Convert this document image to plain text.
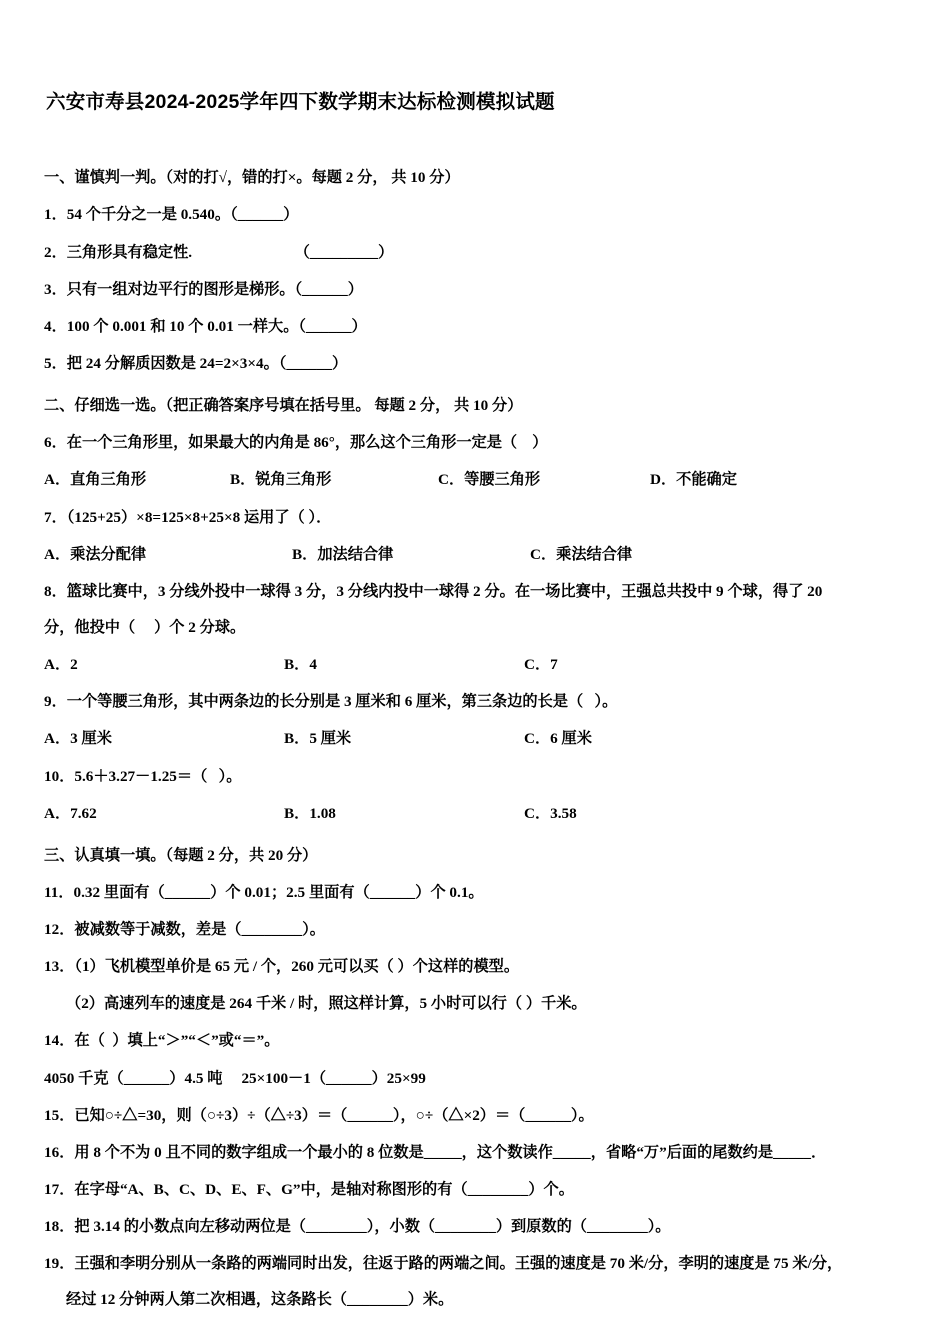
六安市寿县2024-2025学年四下数学期末达标检测模拟试题

一、谨慎判一判。（对的打√，错的打×。每题 2 分， 共 10 分）

1．54 个千分之一是 0.540。（______）

2．三角形具有稳定性.                           （_________）

3．只有一组对边平行的图形是梯形。（______）

4．100 个 0.001 和 10 个 0.01 一样大。（______）

5．把 24 分解质因数是 24=2×3×4。（______）

二、仔细选一选。（把正确答案序号填在括号里。 每题 2 分， 共 10 分）

6．在一个三角形里，如果最大的内角是 86°，那么这个三角形一定是（    ）

A．直角三角形	B．锐角三角形	C．等腰三角形	D．不能确定

7．（125+25）×8=125×8+25×8 运用了（ ）．

A．乘法分配律	B．加法结合律	C．乘法结合律

8．篮球比赛中，3 分线外投中一球得 3 分，3 分线内投中一球得 2 分。在一场比赛中，王强总共投中 9 个球，得了 20

分，他投中（     ）个 2 分球。

A．2	B．4	C．7

9．一个等腰三角形，其中两条边的长分别是 3 厘米和 6 厘米，第三条边的长是（   ）。

A．3 厘米	B．5 厘米	C．6 厘米

10．5.6＋3.27－1.25＝（   ）。

A．7.62	B．1.08	C．3.58

三、认真填一填。（每题 2 分，共 20 分）

11．0.32 里面有（______）个 0.01；2.5 里面有（______）个 0.1。

12．被减数等于减数，差是（________）。

13．（1）飞机模型单价是 65 元 / 个，260 元可以买（ ）个这样的模型。

（2）高速列车的速度是 264 千米 / 时，照这样计算，5 小时可以行（ ）千米。

14．在（  ）填上“＞”“＜”或“＝”。

4050 千克（______）4.5 吨     25×100－1（______）25×99

15．已知○÷△=30，则（○÷3）÷（△÷3）＝（______），○÷（△×2）＝（______）。

16．用 8 个不为 0 且不同的数字组成一个最小的 8 位数是_____，这个数读作_____，省略“万”后面的尾数约是_____．

17．在字母“A、B、C、D、E、F、G”中，是轴对称图形的有（________）个。

18．把 3.14 的小数点向左移动两位是（________），小数（________）到原数的（________）。

19．王强和李明分别从一条路的两端同时出发，往返于路的两端之间。王强的速度是 70 米/分，李明的速度是 75 米/分，

经过 12 分钟两人第二次相遇，这条路长（________）米。
